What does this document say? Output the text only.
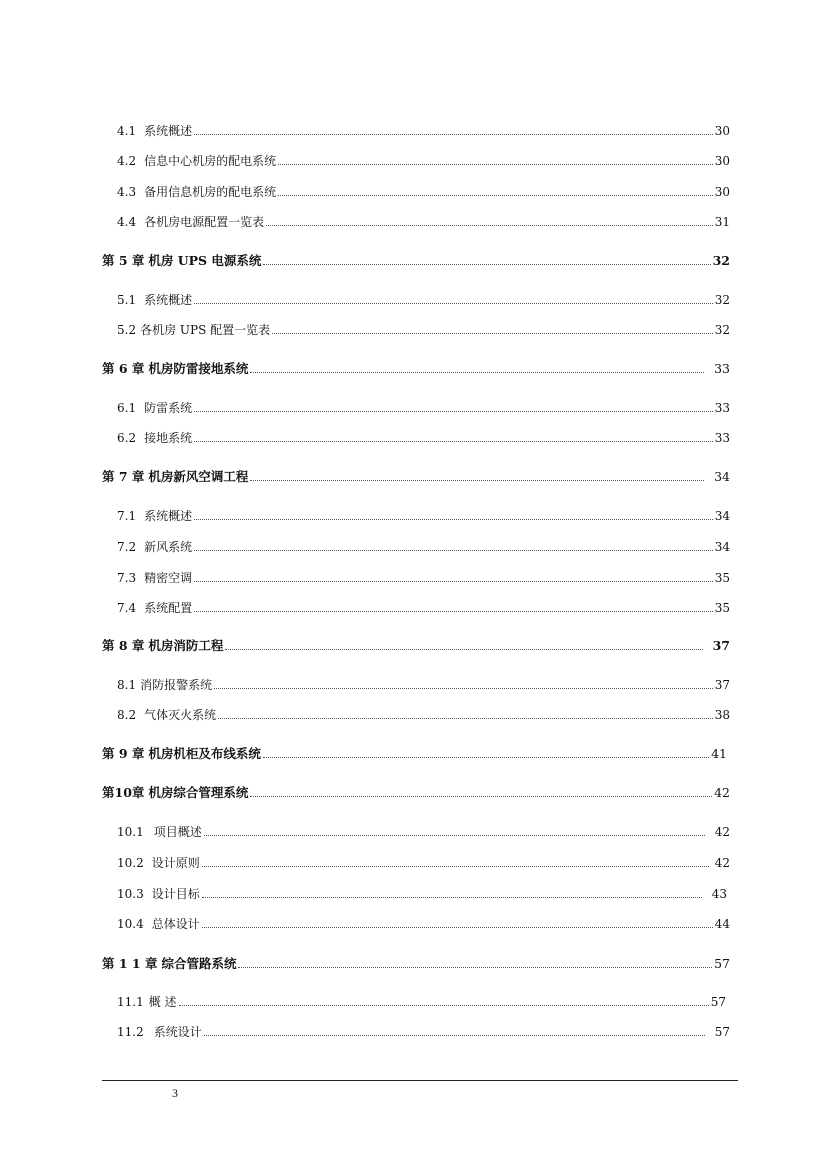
4.1 系统概述	30
4.2 信息中心机房的配电系统	30
4.3 备用信息机房的配电系统	30
4.4 各机房电源配置一览表	31
第 5 章 机房 UPS 电源系统	32
5.1 系统概述	32
5.2 各机房 UPS 配置一览表	32
第 6 章 机房防雷接地系统	33
6.1 防雷系统	33
6.2 接地系统	33
第 7 章 机房新风空调工程	34
7.1 系统概述	34
7.2 新风系统	34
7.3 精密空调	35
7.4 系统配置	35
第 8 章 机房消防工程	37
8.1 消防报警系统	37
8.2 气体灭火系统	38
第 9 章 机房机柜及布线系统	41
第10章 机房综合管理系统	42
10.1 项目概述	42
10.2 设计原则	42
10.3 设计目标	43
10.4 总体设计	44
第 1 1 章 综合管路系统	57
11.1 概 述	57
11.2 系统设计	57
3
